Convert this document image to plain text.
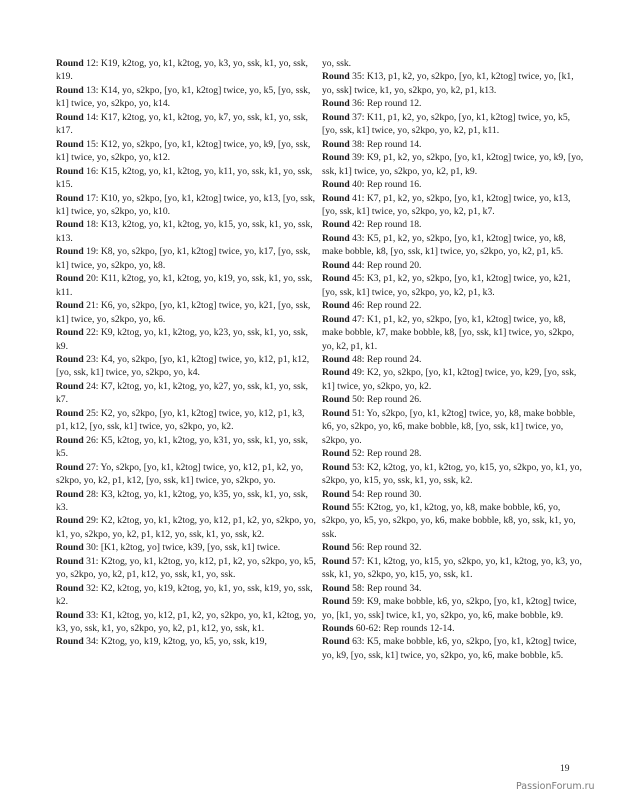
Round 12: K19, k2tog, yo, k1, k2tog, yo, k3, yo, ssk, k1, yo, ssk, k19.

Round 13: K14, yo, s2kpo, [yo, k1, k2tog] twice, yo, k5, [yo, ssk, k1] twice, yo, s2kpo, yo, k14.

Round 14: K17, k2tog, yo, k1, k2tog, yo, k7, yo, ssk, k1, yo, ssk, k17.

Round 15: K12, yo, s2kpo, [yo, k1, k2tog] twice, yo, k9, [yo, ssk, k1] twice, yo, s2kpo, yo, k12.

Round 16: K15, k2tog, yo, k1, k2tog, yo, k11, yo, ssk, k1, yo, ssk, k15.

Round 17: K10, yo, s2kpo, [yo, k1, k2tog] twice, yo, k13, [yo, ssk, k1] twice, yo, s2kpo, yo, k10.

Round 18: K13, k2tog, yo, k1, k2tog, yo, k15, yo, ssk, k1, yo, ssk, k13.

Round 19: K8, yo, s2kpo, [yo, k1, k2tog] twice, yo, k17, [yo, ssk, k1] twice, yo, s2kpo, yo, k8.

Round 20: K11, k2tog, yo, k1, k2tog, yo, k19, yo, ssk, k1, yo, ssk, k11.

Round 21: K6, yo, s2kpo, [yo, k1, k2tog] twice, yo, k21, [yo, ssk, k1] twice, yo, s2kpo, yo, k6.

Round 22: K9, k2tog, yo, k1, k2tog, yo, k23, yo, ssk, k1, yo, ssk, k9.

Round 23: K4, yo, s2kpo, [yo, k1, k2tog] twice, yo, k12, p1, k12, [yo, ssk, k1] twice, yo, s2kpo, yo, k4.

Round 24: K7, k2tog, yo, k1, k2tog, yo, k27, yo, ssk, k1, yo, ssk, k7.

Round 25: K2, yo, s2kpo, [yo, k1, k2tog] twice, yo, k12, p1, k3, p1, k12, [yo, ssk, k1] twice, yo, s2kpo, yo, k2.

Round 26: K5, k2tog, yo, k1, k2tog, yo, k31, yo, ssk, k1, yo, ssk, k5.

Round 27: Yo, s2kpo, [yo, k1, k2tog] twice, yo, k12, p1, k2, yo, s2kpo, yo, k2, p1, k12, [yo, ssk, k1] twice, yo, s2kpo, yo.

Round 28: K3, k2tog, yo, k1, k2tog, yo, k35, yo, ssk, k1, yo, ssk, k3.

Round 29: K2, k2tog, yo, k1, k2tog, yo, k12, p1, k2, yo, s2kpo, yo, k1, yo, s2kpo, yo, k2, p1, k12, yo, ssk, k1, yo, ssk, k2.

Round 30: [K1, k2tog, yo] twice, k39, [yo, ssk, k1] twice.

Round 31: K2tog, yo, k1, k2tog, yo, k12, p1, k2, yo, s2kpo, yo, k5, yo, s2kpo, yo, k2, p1, k12, yo, ssk, k1, yo, ssk.

Round 32: K2, k2tog, yo, k19, k2tog, yo, k1, yo, ssk, k19, yo, ssk, k2.

Round 33: K1, k2tog, yo, k12, p1, k2, yo, s2kpo, yo, k1, k2tog, yo, k3, yo, ssk, k1, yo, s2kpo, yo, k2, p1, k12, yo, ssk, k1.

Round 34: K2tog, yo, k19, k2tog, yo, k5, yo, ssk, k19,

yo, ssk.

Round 35: K13, p1, k2, yo, s2kpo, [yo, k1, k2tog] twice, yo, [k1, yo, ssk] twice, k1, yo, s2kpo, yo, k2, p1, k13.

Round 36: Rep round 12.

Round 37: K11, p1, k2, yo, s2kpo, [yo, k1, k2tog] twice, yo, k5, [yo, ssk, k1] twice, yo, s2kpo, yo, k2, p1, k11.

Round 38: Rep round 14.

Round 39: K9, p1, k2, yo, s2kpo, [yo, k1, k2tog] twice, yo, k9, [yo, ssk, k1] twice, yo, s2kpo, yo, k2, p1, k9.

Round 40: Rep round 16.

Round 41: K7, p1, k2, yo, s2kpo, [yo, k1, k2tog] twice, yo, k13, [yo, ssk, k1] twice, yo, s2kpo, yo, k2, p1, k7.

Round 42: Rep round 18.

Round 43: K5, p1, k2, yo, s2kpo, [yo, k1, k2tog] twice, yo, k8, make bobble, k8, [yo, ssk, k1] twice, yo, s2kpo, yo, k2, p1, k5.

Round 44: Rep round 20.

Round 45: K3, p1, k2, yo, s2kpo, [yo, k1, k2tog] twice, yo, k21, [yo, ssk, k1] twice, yo, s2kpo, yo, k2, p1, k3.

Round 46: Rep round 22.

Round 47: K1, p1, k2, yo, s2kpo, [yo, k1, k2tog] twice, yo, k8, make bobble, k7, make bobble, k8, [yo, ssk, k1] twice, yo, s2kpo, yo, k2, p1, k1.

Round 48: Rep round 24.

Round 49: K2, yo, s2kpo, [yo, k1, k2tog] twice, yo, k29, [yo, ssk, k1] twice, yo, s2kpo, yo, k2.

Round 50: Rep round 26.

Round 51: Yo, s2kpo, [yo, k1, k2tog] twice, yo, k8, make bobble, k6, yo, s2kpo, yo, k6, make bobble, k8, [yo, ssk, k1] twice, yo, s2kpo, yo.

Round 52: Rep round 28.

Round 53: K2, k2tog, yo, k1, k2tog, yo, k15, yo, s2kpo, yo, k1, yo, s2kpo, yo, k15, yo, ssk, k1, yo, ssk, k2.

Round 54: Rep round 30.

Round 55: K2tog, yo, k1, k2tog, yo, k8, make bobble, k6, yo, s2kpo, yo, k5, yo, s2kpo, yo, k6, make bobble, k8, yo, ssk, k1, yo, ssk.

Round 56: Rep round 32.

Round 57: K1, k2tog, yo, k15, yo, s2kpo, yo, k1, k2tog, yo, k3, yo, ssk, k1, yo, s2kpo, yo, k15, yo, ssk, k1.

Round 58: Rep round 34.

Round 59: K9, make bobble, k6, yo, s2kpo, [yo, k1, k2tog] twice, yo, [k1, yo, ssk] twice, k1, yo, s2kpo, yo, k6, make bobble, k9.

Rounds 60-62: Rep rounds 12-14.

Round 63: K5, make bobble, k6, yo, s2kpo, [yo, k1, k2tog] twice, yo, k9, [yo, ssk, k1] twice, yo, s2kpo, yo, k6, make bobble, k5.

19
PassionForum.ru
